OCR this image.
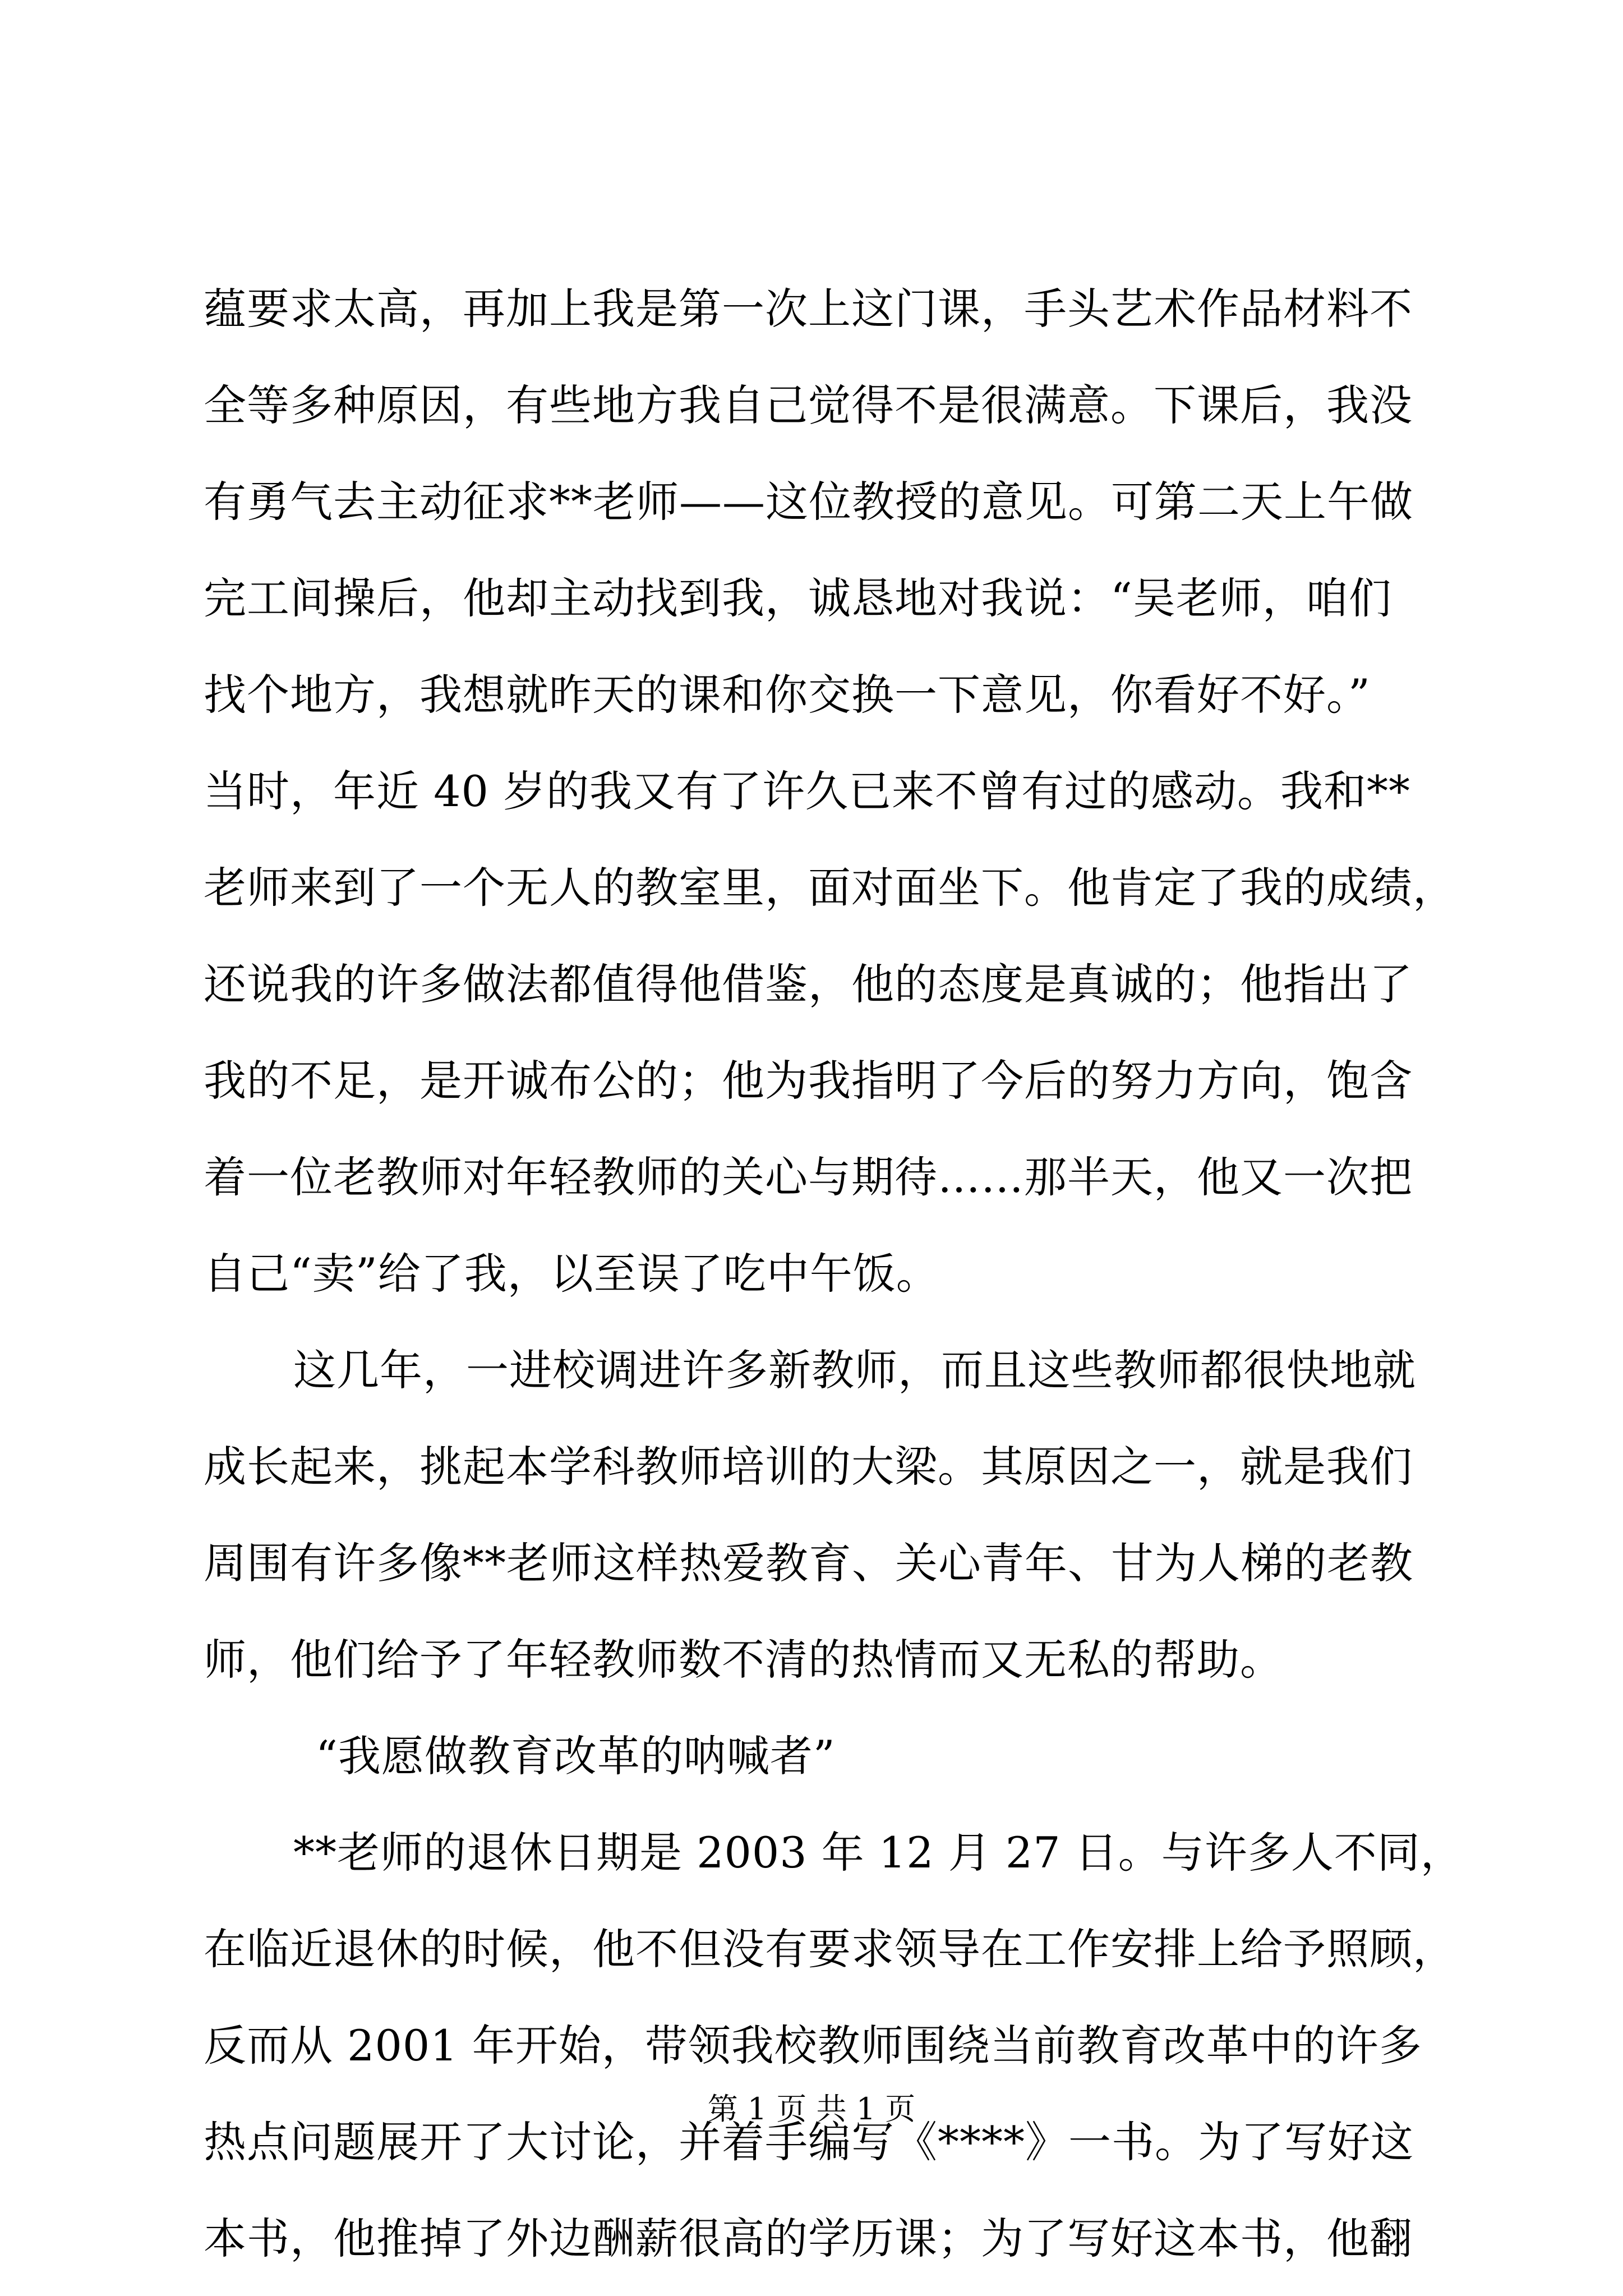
蕴要求太高，再加上我是第一次上这门课，手头艺术作品材料不
全等多种原因，有些地方我自己觉得不是很满意。下课后，我没
有勇气去主动征求**老师——这位教授的意见。可第二天上午做
完工间操后，他却主动找到我，诚恳地对我说：“吴老师，咱们
找个地方，我想就昨天的课和你交换一下意见，你看好不好。”
当时，年近 40 岁的我又有了许久已来不曾有过的感动。我和**
老师来到了一个无人的教室里，面对面坐下。他肯定了我的成绩，
还说我的许多做法都值得他借鉴，他的态度是真诚的；他指出了
我的不足，是开诚布公的；他为我指明了今后的努力方向，饱含
着一位老教师对年轻教师的关心与期待……那半天，他又一次把
自己“卖”给了我，以至误了吃中午饭。
这几年，一进校调进许多新教师，而且这些教师都很快地就
成长起来，挑起本学科教师培训的大梁。其原因之一，就是我们
周围有许多像**老师这样热爱教育、关心青年、甘为人梯的老教
师，他们给予了年轻教师数不清的热情而又无私的帮助。
“我愿做教育改革的呐喊者”
**老师的退休日期是 2003 年 12 月 27 日。与许多人不同，
在临近退休的时候，他不但没有要求领导在工作安排上给予照顾，
反而从 2001 年开始，带领我校教师围绕当前教育改革中的许多
热点问题展开了大讨论，并着手编写《****》一书。为了写好这
本书，他推掉了外边酬薪很高的学历课；为了写好这本书，他翻
第 1 页 共 1 页
